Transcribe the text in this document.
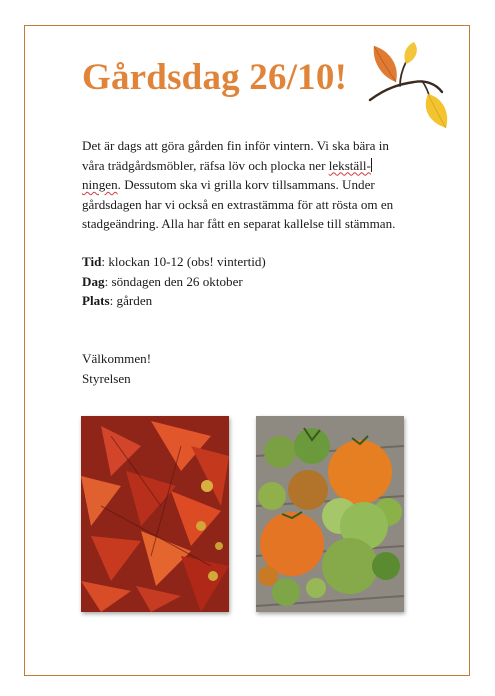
Gårdsdag 26/10!
Det är dags att göra gården fin inför vintern. Vi ska bära in
våra trädgårdsmöbler, räfsa löv och plocka ner lekställ-
ningen. Dessutom ska vi grilla korv tillsammans. Under
gårdsdagen har vi också en extrastämma för att rösta om en
stadgeändring. Alla har fått en separat kallelse till stämman.
Tid: klockan 10-12 (obs! vintertid)
Dag: söndagen den 26 oktober
Plats: gården
Välkommen!
Styrelsen
